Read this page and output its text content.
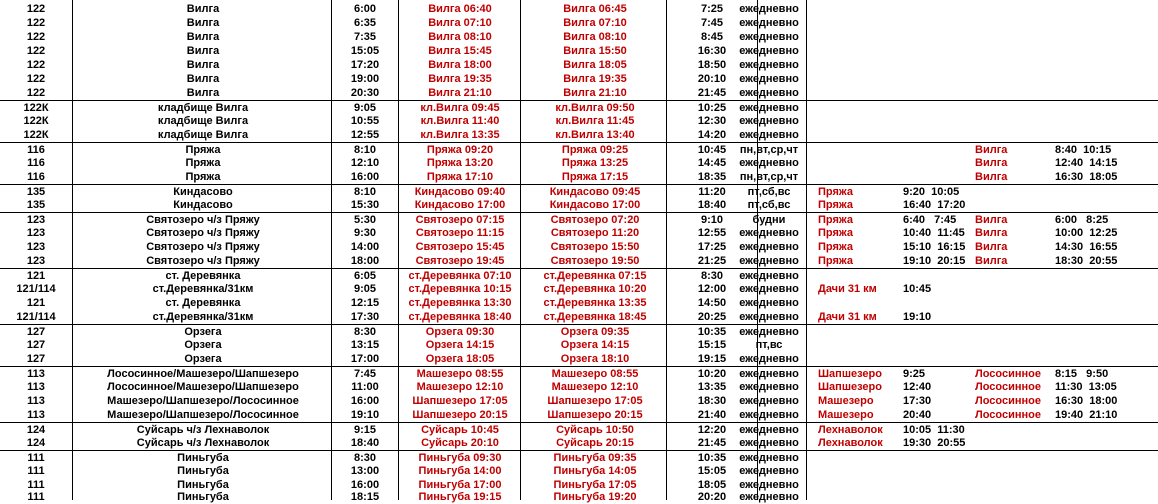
122	Вилга	6:00	Вилга 06:40	Вилга 06:45	7:25 ежедневно
122	Вилга	6:35	Вилга 07:10	Вилга 07:10	7:45 ежедневно
122	Вилга	7:35	Вилга 08:10	Вилга 08:10	8:45 ежедневно
122	Вилга	15:05	Вилга 15:45	Вилга 15:50	16:30 ежедневно
122	Вилга	17:20	Вилга 18:00	Вилга 18:05	18:50 ежедневно
122	Вилга	19:00	Вилга 19:35	Вилга 19:35	20:10 ежедневно
122	Вилга	20:30	Вилга 21:10	Вилга 21:10	21:45 ежедневно
122К	кладбище Вилга	9:05	кл.Вилга 09:45	кл.Вилга 09:50	10:25 ежедневно
122К	кладбище Вилга	10:55	кл.Вилга 11:40	кл.Вилга 11:45	12:30 ежедневно
122К	кладбище Вилга	12:55	кл.Вилга 13:35	кл.Вилга 13:40	14:20 ежедневно
116	Пряжа	8:10	Пряжа 09:20	Пряжа 09:25	10:45 пн,вт,ср,чт	Вилга	8:40  10:15
116	Пряжа	12:10	Пряжа 13:20	Пряжа 13:25	14:45 ежедневно	Вилга	12:40  14:15
116	Пряжа	16:00	Пряжа 17:10	Пряжа 17:15	18:35 пн,вт,ср,чт	Вилга	16:30  18:05
135	Киндасово	8:10	Киндасово 09:40	Киндасово 09:45	11:20 пт,сб,вс	Пряжа	9:20  10:05
135	Киндасово	15:30	Киндасово 17:00	Киндасово 17:00	18:40 пт,сб,вс	Пряжа	16:40  17:20
123	Святозеро ч/з Пряжу	5:30	Святозеро 07:15	Святозеро 07:20	9:10	будни	Пряжа	6:40   7:45 Вилга	6:00   8:25
123	Святозеро ч/з Пряжу	9:30	Святозеро 11:15	Святозеро 11:20	12:55 ежедневно Пряжа	10:40  11:45 Вилга	10:00  12:25
123	Святозеро ч/з Пряжу	14:00	Святозеро 15:45	Святозеро 15:50	17:25 ежедневно Пряжа	15:10  16:15 Вилга	14:30  16:55
123	Святозеро ч/з Пряжу	18:00	Святозеро 19:45	Святозеро 19:50	21:25 ежедневно Пряжа	19:10  20:15 Вилга	18:30  20:55
121	ст. Деревянка	6:05	ст.Деревянка 07:10	ст.Деревянка 07:15	8:30 ежедневно
121/114	ст.Деревянка/31км	9:05	ст.Деревянка 10:15	ст.Деревянка 10:20	12:00 ежедневно Дачи 31 км 10:45
121	ст. Деревянка	12:15	ст.Деревянка 13:30	ст.Деревянка 13:35	14:50 ежедневно
121/114	ст.Деревянка/31км	17:30	ст.Деревянка 18:40	ст.Деревянка 18:45	20:25 ежедневно Дачи 31 км 19:10
127	Орзега	8:30	Орзега 09:30	Орзега 09:35	10:35 ежедневно
127	Орзега	13:15	Орзега 14:15	Орзега 14:15	15:15	пт,вс
127	Орзега	17:00	Орзега 18:05	Орзега 18:10	19:15 ежедневно
113	Лососинное/Машезеро/Шапшезеро	7:45	Машезеро 08:55	Машезеро 08:55	10:20 ежедневно Шапшезеро 9:25	Лососинное 8:15   9:50
113	Лососинное/Машезеро/Шапшезеро	11:00	Машезеро 12:10	Машезеро 12:10	13:35 ежедневно Шапшезеро 12:40	Лососинное 11:30  13:05
113	Машезеро/Шапшезеро/Лососинное	16:00	Шапшезеро 17:05	Шапшезеро 17:05	18:30 ежедневно Машезеро	17:30	Лососинное 16:30  18:00
113	Машезеро/Шапшезеро/Лососинное	19:10	Шапшезеро 20:15	Шапшезеро 20:15	21:40 ежедневно Машезеро	20:40	Лососинное 19:40  21:10
124	Суйсарь ч/з Лехнаволок	9:15	Суйсарь 10:45	Суйсарь 10:50	12:20 ежедневно Лехнаволок 10:05  11:30
124	Суйсарь ч/з Лехнаволок	18:40	Суйсарь 20:10	Суйсарь 20:15	21:45 ежедневно Лехнаволок 19:30  20:55
111	Пиньгуба	8:30	Пиньгуба 09:30	Пиньгуба 09:35	10:35 ежедневно
111	Пиньгуба	13:00	Пиньгуба 14:00	Пиньгуба 14:05	15:05 ежедневно
111	Пиньгуба	16:00	Пиньгуба 17:00	Пиньгуба 17:05	18:05 ежедневно
111	Пиньгуба	18:15	Пиньгуба 19:15	Пиньгуба 19:20	20:20 ежедневно
